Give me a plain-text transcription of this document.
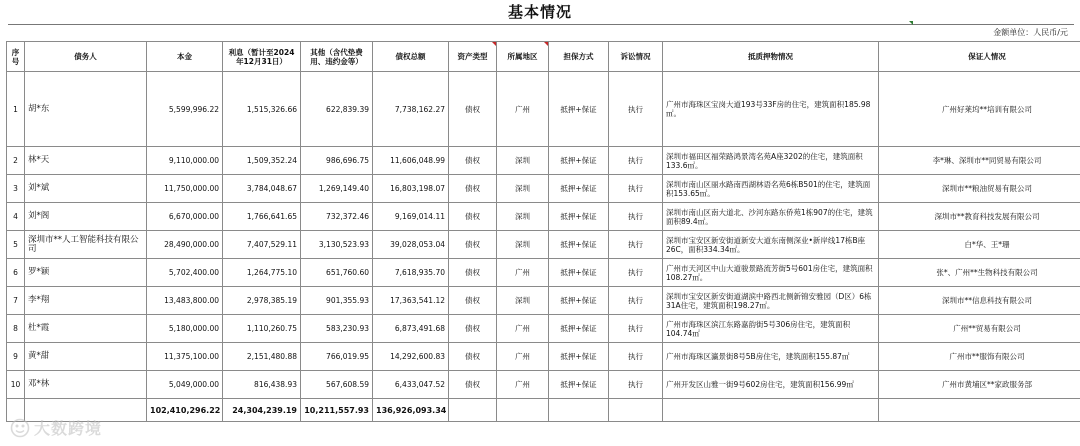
基本情况
金额单位：人民币/元
序号	债务人	本金	利息（暂计至2024年12月31日）	其他（含代垫费用、违约金等）	债权总额	资产类型	所属地区	担保方式	诉讼情况	抵质押物情况	保证人情况
1	胡*东	5,599,996.22	1,515,326.66	622,839.39	7,738,162.27	债权	广州	抵押+保证	执行	广州市海珠区宝岗大道193号33F房的住宅，建筑面积185.98㎡。	广州好莱坞**培训有限公司
2	林*天	9,110,000.00	1,509,352.24	986,696.75	11,606,048.99	债权	深圳	抵押+保证	执行	深圳市福田区福荣路鸿景湾名苑A座3202的住宅，建筑面积133.6㎡。	李*琳、深圳市**同贸易有限公司
3	刘*斌	11,750,000.00	3,784,048.67	1,269,149.40	16,803,198.07	债权	深圳	抵押+保证	执行	深圳市南山区丽水路南西湖林语名苑6栋B501的住宅，建筑面积153.65㎡。	深圳市**粮油贸易有限公司
4	刘*阁	6,670,000.00	1,766,641.65	732,372.46	9,169,014.11	债权	深圳	抵押+保证	执行	深圳市南山区南大道北、沙河东路东侨苑1栋907的住宅，建筑面积89.4㎡。	深圳市**教育科技发展有限公司
5	深圳市**人工智能科技有限公司	28,490,000.00	7,407,529.11	3,130,523.93	39,028,053.04	债权	深圳	抵押+保证	执行	深圳市宝安区新安街道新安大道东南侧深业•新岸线17栋B座26C，面积334.34㎡。	白*华、王*珊
6	罗*颖	5,702,400.00	1,264,775.10	651,760.60	7,618,935.70	债权	广州	抵押+保证	执行	广州市天河区中山大道骏景路流芳街5号601房住宅，建筑面积108.27㎡。	张*、广州**生物科技有限公司
7	李*翔	13,483,800.00	2,978,385.19	901,355.93	17,363,541.12	债权	深圳	抵押+保证	执行	深圳市宝安区新安街道湖滨中路西北侧新锦安雅园（D区）6栋31A住宅，建筑面积198.27㎡。	深圳市**信息科技有限公司
8	杜*霞	5,180,000.00	1,110,260.75	583,230.93	6,873,491.68	债权	广州	抵押+保证	执行	广州市海珠区滨江东路嘉韵街5号306房住宅，建筑面积104.74㎡	广州**贸易有限公司
9	黄*甜	11,375,100.00	2,151,480.88	766,019.95	14,292,600.83	债权	广州	抵押+保证	执行	广州市海珠区瀛景街8号5B房住宅，建筑面积155.87㎡	广州市**服饰有限公司
10	邓*林	5,049,000.00	816,438.93	567,608.59	6,433,047.52	债权	广州	抵押+保证	执行	广州开发区山雅一街9号602房住宅，建筑面积156.99㎡	广州市黄埔区**家政服务部
		102,410,296.22	24,304,239.19	10,211,557.93	136,926,093.34						
大数跨境
